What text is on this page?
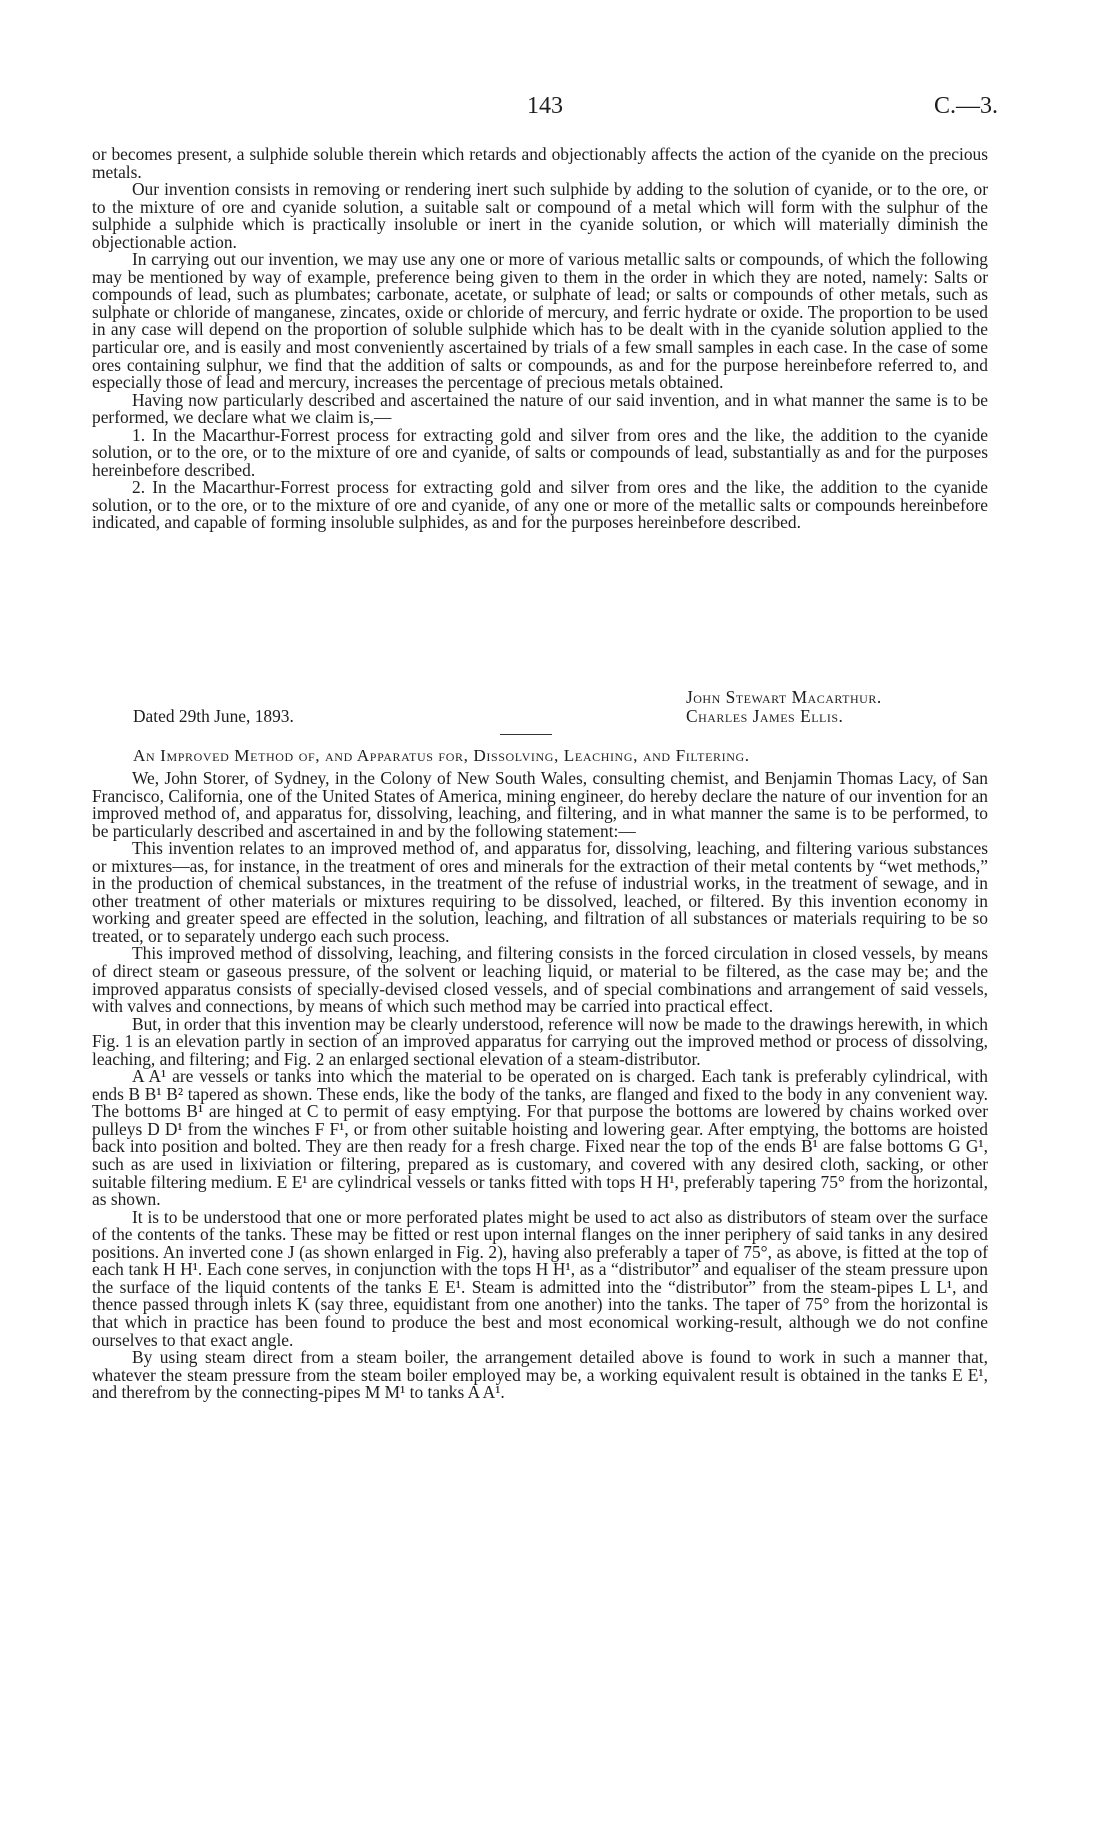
143	C.—3.

or becomes present, a sulphide soluble therein which retards and objectionably affects the action of the cyanide on the precious metals.

Our invention consists in removing or rendering inert such sulphide by adding to the solution of cyanide, or to the ore, or to the mixture of ore and cyanide solution, a suitable salt or compound of a metal which will form with the sulphur of the sulphide a sulphide which is practically insoluble or inert in the cyanide solution, or which will materially diminish the objectionable action.

In carrying out our invention, we may use any one or more of various metallic salts or compounds, of which the following may be mentioned by way of example, preference being given to them in the order in which they are noted, namely: Salts or compounds of lead, such as plumbates; carbonate, acetate, or sulphate of lead; or salts or compounds of other metals, such as sulphate or chloride of manganese, zincates, oxide or chloride of mercury, and ferric hydrate or oxide. The proportion to be used in any case will depend on the proportion of soluble sulphide which has to be dealt with in the cyanide solution applied to the particular ore, and is easily and most conveniently ascertained by trials of a few small samples in each case. In the case of some ores containing sulphur, we find that the addition of salts or compounds, as and for the purpose hereinbefore referred to, and especially those of lead and mercury, increases the percentage of precious metals obtained.

Having now particularly described and ascertained the nature of our said invention, and in what manner the same is to be performed, we declare what we claim is,—

1. In the Macarthur-Forrest process for extracting gold and silver from ores and the like, the addition to the cyanide solution, or to the ore, or to the mixture of ore and cyanide, of salts or compounds of lead, substantially as and for the purposes hereinbefore described.

2. In the Macarthur-Forrest process for extracting gold and silver from ores and the like, the addition to the cyanide solution, or to the ore, or to the mixture of ore and cyanide, of any one or more of the metallic salts or compounds hereinbefore indicated, and capable of forming insoluble sulphides, as and for the purposes hereinbefore described.

John Stewart Macarthur.
Charles James Ellis.
Dated 29th June, 1893.
An Improved Method of, and Apparatus for, Dissolving, Leaching, and Filtering.

We, John Storer, of Sydney, in the Colony of New South Wales, consulting chemist, and Benjamin Thomas Lacy, of San Francisco, California, one of the United States of America, mining engineer, do hereby declare the nature of our invention for an improved method of, and apparatus for, dissolving, leaching, and filtering, and in what manner the same is to be performed, to be particularly described and ascertained in and by the following statement:—

This invention relates to an improved method of, and apparatus for, dissolving, leaching, and filtering various substances or mixtures—as, for instance, in the treatment of ores and minerals for the extraction of their metal contents by “wet methods,” in the production of chemical substances, in the treatment of the refuse of industrial works, in the treatment of sewage, and in other treatment of other materials or mixtures requiring to be dissolved, leached, or filtered. By this invention economy in working and greater speed are effected in the solution, leaching, and filtration of all substances or materials requiring to be so treated, or to separately undergo each such process.

This improved method of dissolving, leaching, and filtering consists in the forced circulation in closed vessels, by means of direct steam or gaseous pressure, of the solvent or leaching liquid, or material to be filtered, as the case may be; and the improved apparatus consists of specially-devised closed vessels, and of special combinations and arrangement of said vessels, with valves and connections, by means of which such method may be carried into practical effect.

But, in order that this invention may be clearly understood, reference will now be made to the drawings herewith, in which Fig. 1 is an elevation partly in section of an improved apparatus for carrying out the improved method or process of dissolving, leaching, and filtering; and Fig. 2 an enlarged sectional elevation of a steam-distributor.

A A¹ are vessels or tanks into which the material to be operated on is charged. Each tank is preferably cylindrical, with ends B B¹ B² tapered as shown. These ends, like the body of the tanks, are flanged and fixed to the body in any convenient way. The bottoms B¹ are hinged at C to permit of easy emptying. For that purpose the bottoms are lowered by chains worked over pulleys D D¹ from the winches F F¹, or from other suitable hoisting and lowering gear. After emptying, the bottoms are hoisted back into position and bolted. They are then ready for a fresh charge. Fixed near the top of the ends B¹ are false bottoms G G¹, such as are used in lixiviation or filtering, prepared as is customary, and covered with any desired cloth, sacking, or other suitable filtering medium. E E¹ are cylindrical vessels or tanks fitted with tops H H¹, preferably tapering 75° from the horizontal, as shown.

It is to be understood that one or more perforated plates might be used to act also as distributors of steam over the surface of the contents of the tanks. These may be fitted or rest upon internal flanges on the inner periphery of said tanks in any desired positions. An inverted cone J (as shown enlarged in Fig. 2), having also preferably a taper of 75°, as above, is fitted at the top of each tank H H¹. Each cone serves, in conjunction with the tops H H¹, as a “distributor” and equaliser of the steam pressure upon the surface of the liquid contents of the tanks E E¹. Steam is admitted into the “distributor” from the steam-pipes L L¹, and thence passed through inlets K (say three, equidistant from one another) into the tanks. The taper of 75° from the horizontal is that which in practice has been found to produce the best and most economical working-result, although we do not confine ourselves to that exact angle.

By using steam direct from a steam boiler, the arrangement detailed above is found to work in such a manner that, whatever the steam pressure from the steam boiler employed may be, a working equivalent result is obtained in the tanks E E¹, and therefrom by the connecting-pipes M M¹ to tanks A A¹.
